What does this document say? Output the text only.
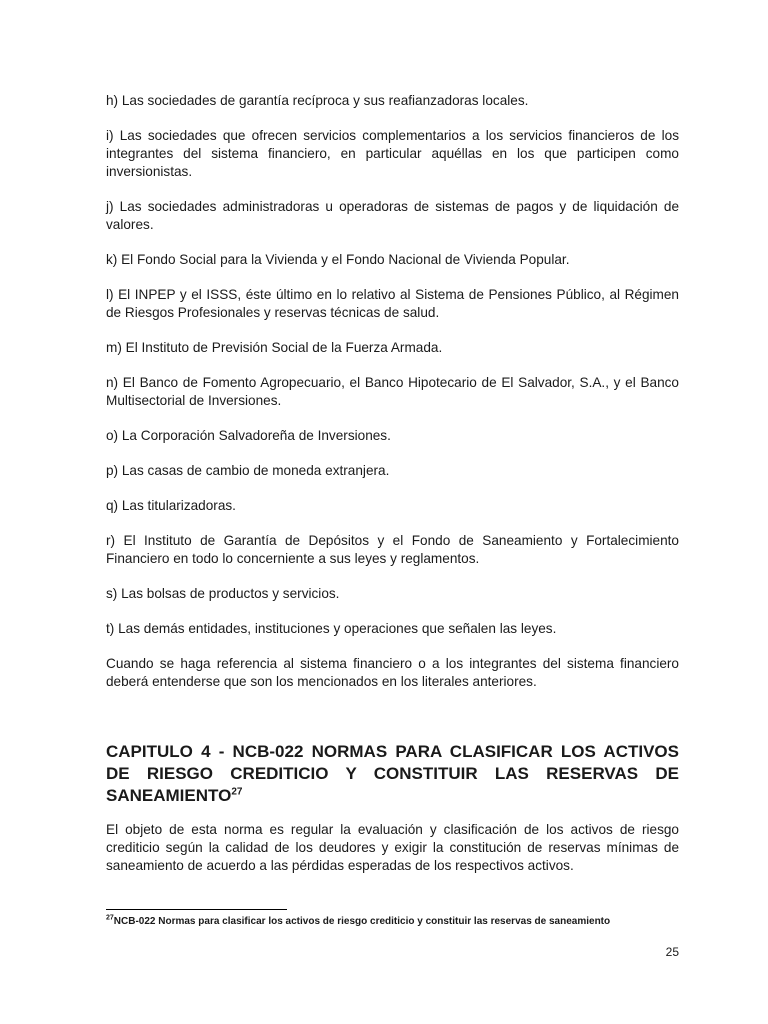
h) Las sociedades de garantía recíproca y sus reafianzadoras locales.

i) Las sociedades que ofrecen servicios complementarios a los servicios financieros de los integrantes del sistema financiero, en particular aquéllas en los que participen como inversionistas.

j) Las sociedades administradoras u operadoras de sistemas de pagos y de liquidación de valores.

k) El Fondo Social para la Vivienda y el Fondo Nacional de Vivienda Popular.

l) El INPEP y el ISSS, éste último en lo relativo al Sistema de Pensiones Público, al Régimen de Riesgos Profesionales y reservas técnicas de salud.

m) El Instituto de Previsión Social de la Fuerza Armada.

n) El Banco de Fomento Agropecuario, el Banco Hipotecario de El Salvador, S.A., y el Banco Multisectorial de Inversiones.

o) La Corporación Salvadoreña de Inversiones.

p) Las casas de cambio de moneda extranjera.

q) Las titularizadoras.

r) El Instituto de Garantía de Depósitos y el Fondo de Saneamiento y Fortalecimiento Financiero en todo lo concerniente a sus leyes y reglamentos.

s) Las bolsas de productos y servicios.

t) Las demás entidades, instituciones y operaciones que señalen las leyes.

Cuando se haga referencia al sistema financiero o a los integrantes del sistema financiero deberá entenderse que son los mencionados en los literales anteriores.

CAPITULO 4 - NCB-022 NORMAS PARA CLASIFICAR LOS ACTIVOS DE RIESGO CREDITICIO Y CONSTITUIR LAS RESERVAS DE SANEAMIENTO$^{27}$

El objeto de esta norma es regular la evaluación y clasificación de los activos de riesgo crediticio según la calidad de los deudores y exigir la constitución de reservas mínimas de saneamiento de acuerdo a las pérdidas esperadas de los respectivos activos.

$^{27}$NCB-022 Normas para clasificar los activos de riesgo crediticio y constituir las reservas de saneamiento
25
